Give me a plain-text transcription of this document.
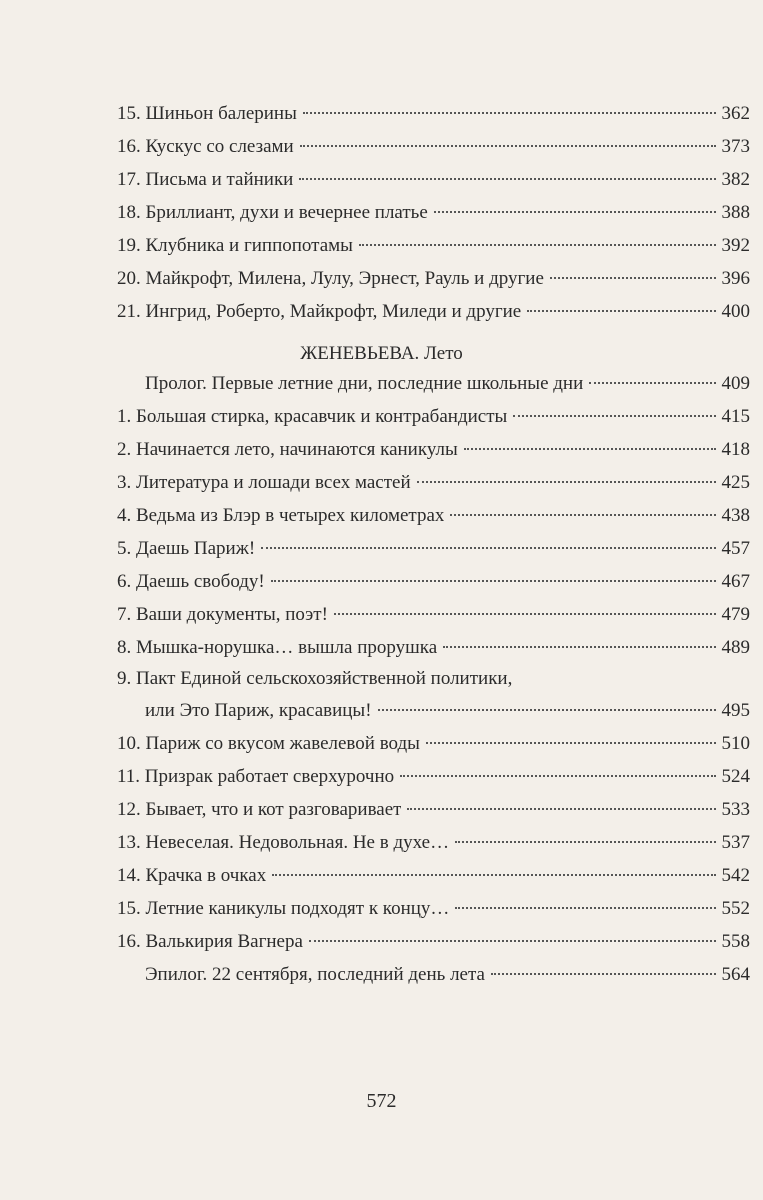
15. Шиньон балерины	362
16. Кускус со слезами	373
17. Письма и тайники	382
18. Бриллиант, духи и вечернее платье	388
19. Клубника и гиппопотамы	392
20. Майкрофт, Милена, Лулу, Эрнест, Рауль и другие	396
21. Ингрид, Роберто, Майкрофт, Миледи и другие	400
ЖЕНЕВЬЕВА. Лето
Пролог. Первые летние дни, последние школьные дни	409
1. Большая стирка, красавчик и контрабандисты	415
2. Начинается лето, начинаются каникулы	418
3. Литература и лошади всех мастей	425
4. Ведьма из Блэр в четырех километрах	438
5. Даешь Париж!	457
6. Даешь свободу!	467
7. Ваши документы, поэт!	479
8. Мышка-норушка… вышла прорушка	489
9. Пакт Единой сельскохозяйственной политики,
или Это Париж, красавицы!	495
10. Париж со вкусом жавелевой воды	510
11. Призрак работает сверхурочно	524
12. Бывает, что и кот разговаривает	533
13. Невеселая. Недовольная. Не в духе…	537
14. Крачка в очках	542
15. Летние каникулы подходят к концу…	552
16. Валькирия Вагнера	558
Эпилог. 22 сентября, последний день лета	564
572
